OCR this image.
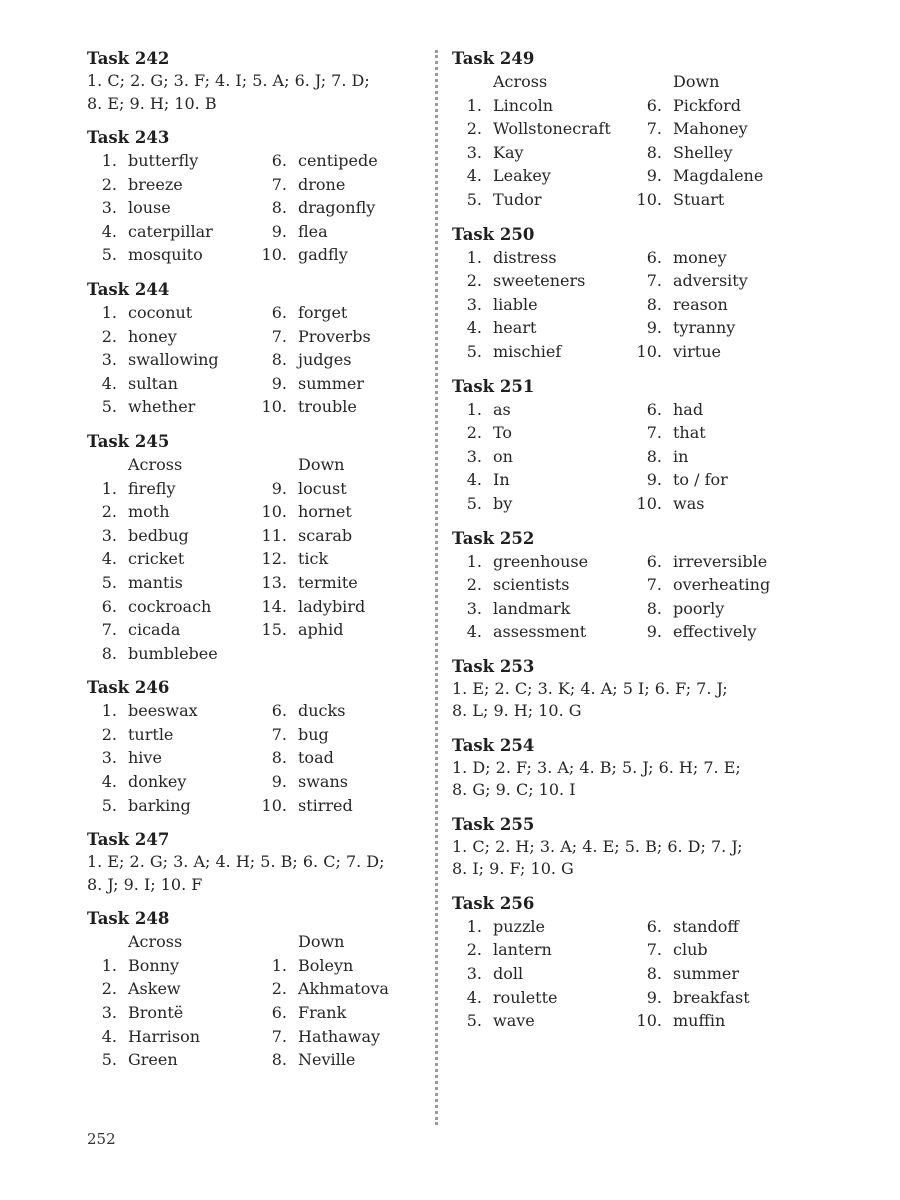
Task 242
1. C; 2. G; 3. F; 4. I; 5. A; 6. J; 7. D;
8. E; 9. H; 10. B
Task 243
1. butterfly	6. centipede
2. breeze	7. drone
3. louse	8. dragonfly
4. caterpillar	9. flea
5. mosquito	10. gadfly
Task 244
1. coconut	6. forget
2. honey	7. Proverbs
3. swallowing	8. judges
4. sultan	9. summer
5. whether	10. trouble
Task 245
Across	Down
1. firefly	9. locust
2. moth	10. hornet
3. bedbug	11. scarab
4. cricket	12. tick
5. mantis	13. termite
6. cockroach	14. ladybird
7. cicada	15. aphid
8. bumblebee
Task 246
1. beeswax	6. ducks
2. turtle	7. bug
3. hive	8. toad
4. donkey	9. swans
5. barking	10. stirred
Task 247
1. E; 2. G; 3. A; 4. H; 5. B; 6. C; 7. D;
8. J; 9. I; 10. F
Task 248
Across	Down
1. Bonny	1. Boleyn
2. Askew	2. Akhmatova
3. Brontë	6. Frank
4. Harrison	7. Hathaway
5. Green	8. Neville
Task 249
Across	Down
1. Lincoln	6. Pickford
2. Wollstonecraft	7. Mahoney
3. Kay	8. Shelley
4. Leakey	9. Magdalene
5. Tudor	10. Stuart
Task 250
1. distress	6. money
2. sweeteners	7. adversity
3. liable	8. reason
4. heart	9. tyranny
5. mischief	10. virtue
Task 251
1. as	6. had
2. To	7. that
3. on	8. in
4. In	9. to / for
5. by	10. was
Task 252
1. greenhouse	6. irreversible
2. scientists	7. overheating
3. landmark	8. poorly
4. assessment	9. effectively
Task 253
1. E; 2. C; 3. K; 4. A; 5 I; 6. F; 7. J;
8. L; 9. H; 10. G
Task 254
1. D; 2. F; 3. A; 4. B; 5. J; 6. H; 7. E;
8. G; 9. C; 10. I
Task 255
1. C; 2. H; 3. A; 4. E; 5. B; 6. D; 7. J;
8. I; 9. F; 10. G
Task 256
1. puzzle	6. standoff
2. lantern	7. club
3. doll	8. summer
4. roulette	9. breakfast
5. wave	10. muffin
252
